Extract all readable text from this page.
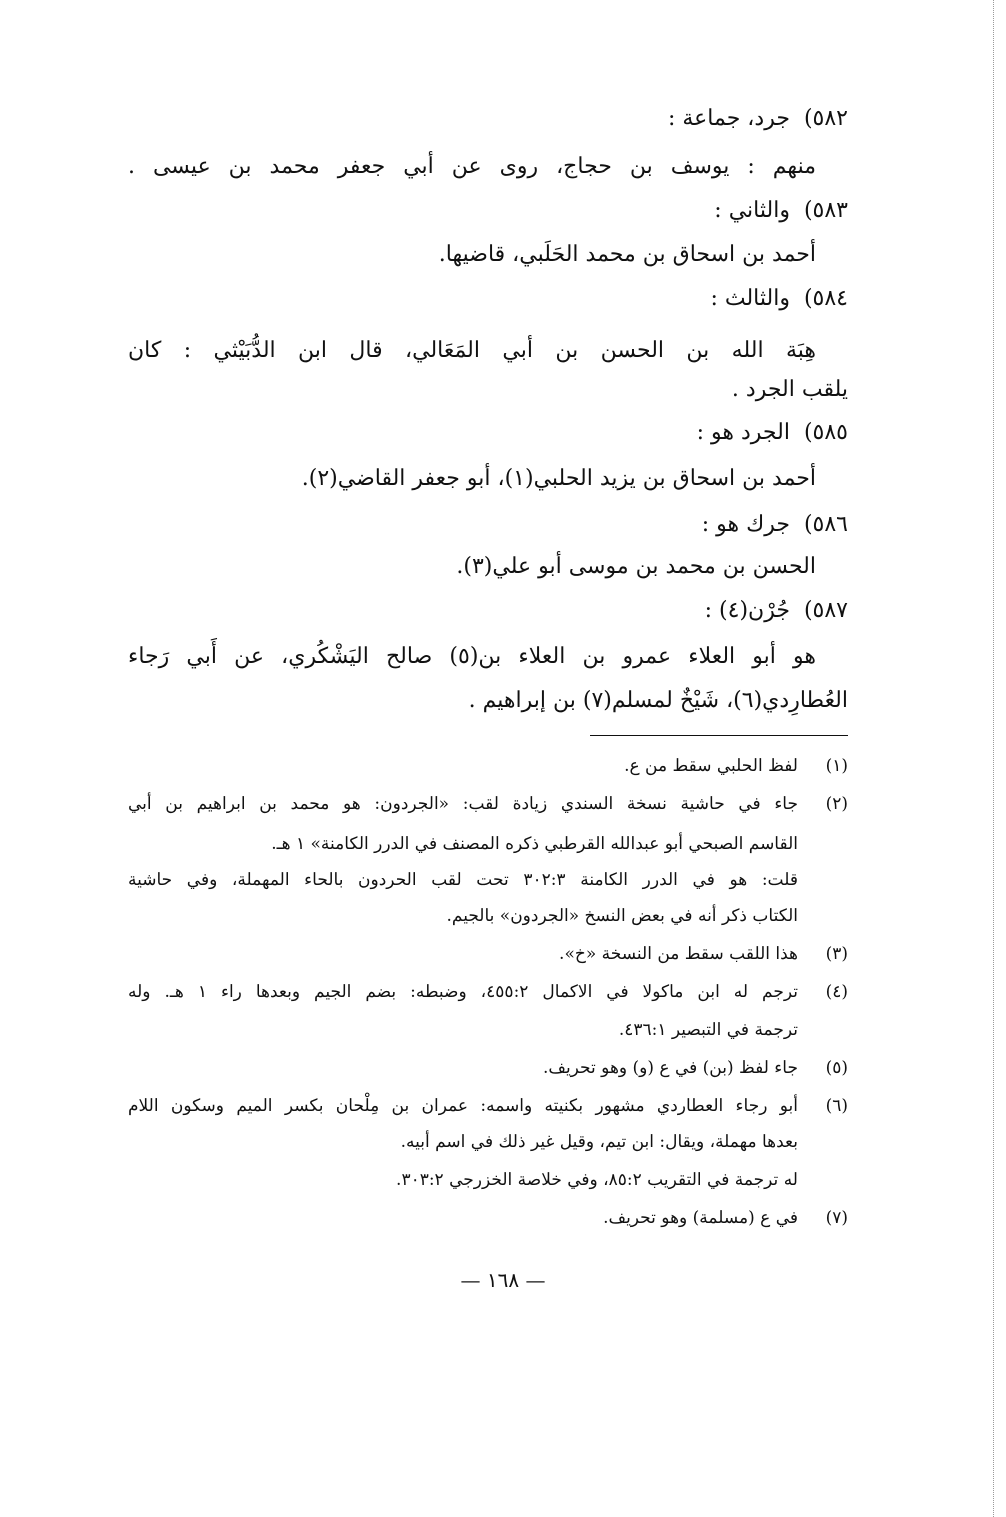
٥٨٢)جرد، جماعة :
منهم : يوسف بن حجاج، روى عن أبي جعفر محمد بن عيسى .
٥٨٣)والثاني :
أحمد بن اسحاق بن محمد الحَلَبي، قاضيها.
٥٨٤)والثالث :
هِبَة الله بن الحسن بن أبي المَعَالي، قال ابن الدُّبَيْثي : كان
يلقب الجرد .
٥٨٥)الجرد هو :
أحمد بن اسحاق بن يزيد الحلبي(١)، أبو جعفر القاضي(٢).
٥٨٦)جرك هو :
الحسن بن محمد بن موسى أبو علي(٣).
٥٨٧)جُرْن(٤) :
هو أبو العلاء عمرو بن العلاء بن(٥) صالح اليَشْكُري، عن أَبي رَجاء
العُطارِدي(٦)، شَيْخٌ لمسلم(٧) بن إبراهيم .
(١)لفظ الحلبي سقط من ع.
(٢)جاء في حاشية نسخة السندي زيادة لقب: «الجردون: هو محمد بن ابراهيم بن أبي
القاسم الصبحي أبو عبدالله القرطبي ذكره المصنف في الدرر الكامنة» ١ هـ.
قلت: هو في الدرر الكامنة ٣٠٢:٣ تحت لقب الحردون بالحاء المهملة، وفي حاشية
الكتاب ذكر أنه في بعض النسخ «الجردون» بالجيم.
(٣)هذا اللقب سقط من النسخة «خ».
(٤)ترجم له ابن ماكولا في الاكمال ٤٥٥:٢، وضبطه: بضم الجيم وبعدها راء ١ هـ. وله
ترجمة في التبصير ٤٣٦:١.
(٥)جاء لفظ (بن) في ع (و) وهو تحريف.
(٦)أبو رجاء العطاردي مشهور بكنيته واسمه: عمران بن مِلْحان بكسر الميم وسكون اللام
بعدها مهملة، ويقال: ابن تيم، وقيل غير ذلك في اسم أبيه.
له ترجمة في التقريب ٨٥:٢، وفي خلاصة الخزرجي ٣٠٣:٢.
(٧)في ع (مسلمة) وهو تحريف.
— ١٦٨ —
